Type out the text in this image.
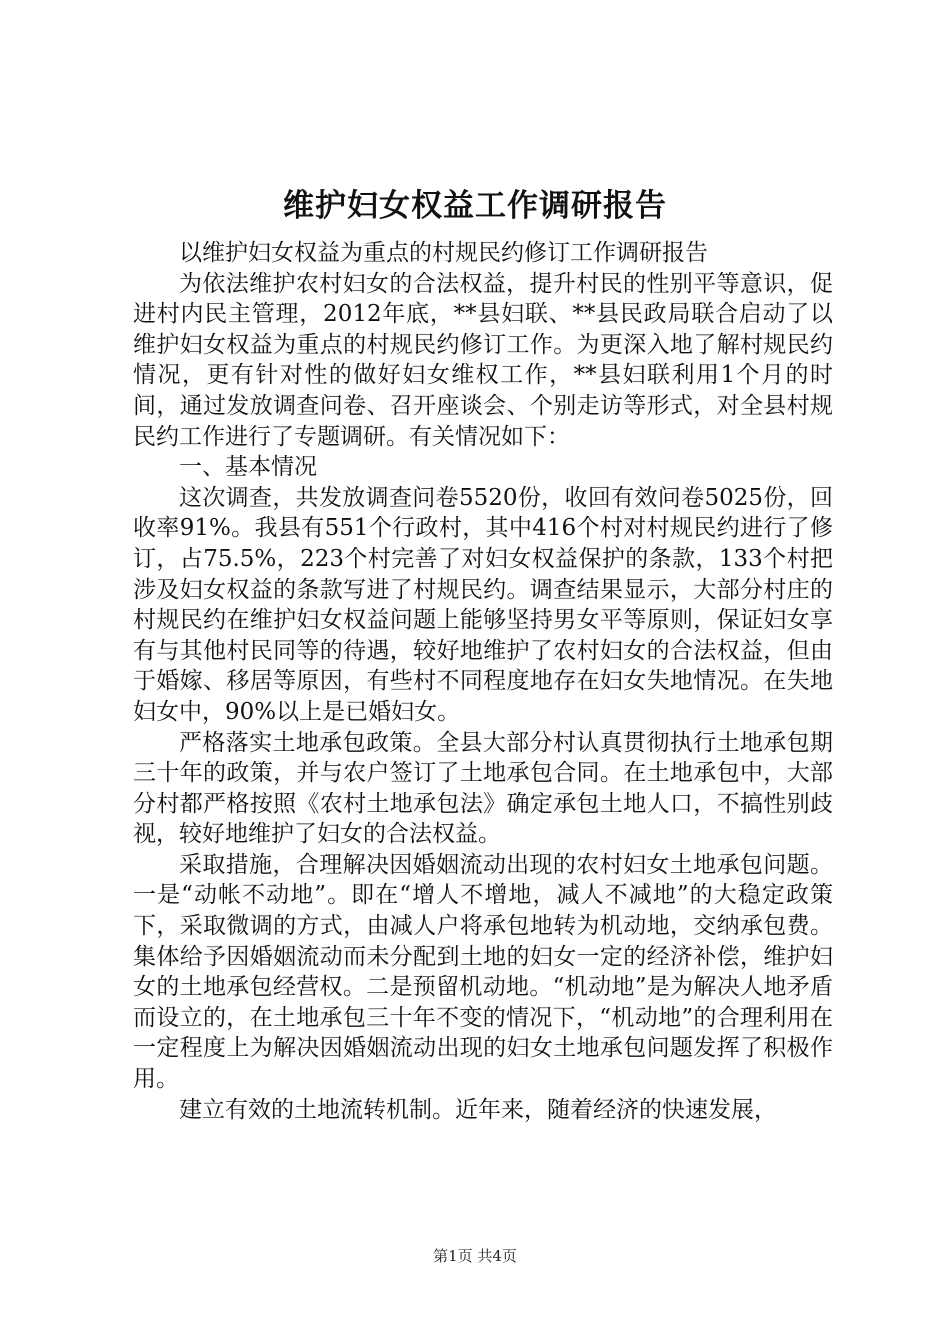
维护妇女权益工作调研报告

以维护妇女权益为重点的村规民约修订工作调研报告

为依法维护农村妇女的合法权益，提升村民的性别平等意识，促进村内民主管理，2012年底，**县妇联、**县民政局联合启动了以维护妇女权益为重点的村规民约修订工作。为更深入地了解村规民约情况，更有针对性的做好妇女维权工作，**县妇联利用1个月的时间，通过发放调查问卷、召开座谈会、个别走访等形式，对全县村规民约工作进行了专题调研。有关情况如下：

一、基本情况

这次调查，共发放调查问卷5520份，收回有效问卷5025份，回收率91%。我县有551个行政村，其中416个村对村规民约进行了修订，占75.5%，223个村完善了对妇女权益保护的条款，133个村把涉及妇女权益的条款写进了村规民约。调查结果显示，大部分村庄的村规民约在维护妇女权益问题上能够坚持男女平等原则，保证妇女享有与其他村民同等的待遇，较好地维护了农村妇女的合法权益，但由于婚嫁、移居等原因，有些村不同程度地存在妇女失地情况。在失地妇女中，90%以上是已婚妇女。

严格落实土地承包政策。全县大部分村认真贯彻执行土地承包期三十年的政策，并与农户签订了土地承包合同。在土地承包中，大部分村都严格按照《农村土地承包法》确定承包土地人口，不搞性别歧视，较好地维护了妇女的合法权益。

采取措施，合理解决因婚姻流动出现的农村妇女土地承包问题。一是“动帐不动地”。即在“增人不增地，减人不减地”的大稳定政策下，采取微调的方式，由减人户将承包地转为机动地，交纳承包费。集体给予因婚姻流动而未分配到土地的妇女一定的经济补偿，维护妇女的土地承包经营权。二是预留机动地。“机动地”是为解决人地矛盾而设立的，在土地承包三十年不变的情况下，“机动地”的合理利用在一定程度上为解决因婚姻流动出现的妇女土地承包问题发挥了积极作用。

建立有效的土地流转机制。近年来，随着经济的快速发展，

第1页 共4页
